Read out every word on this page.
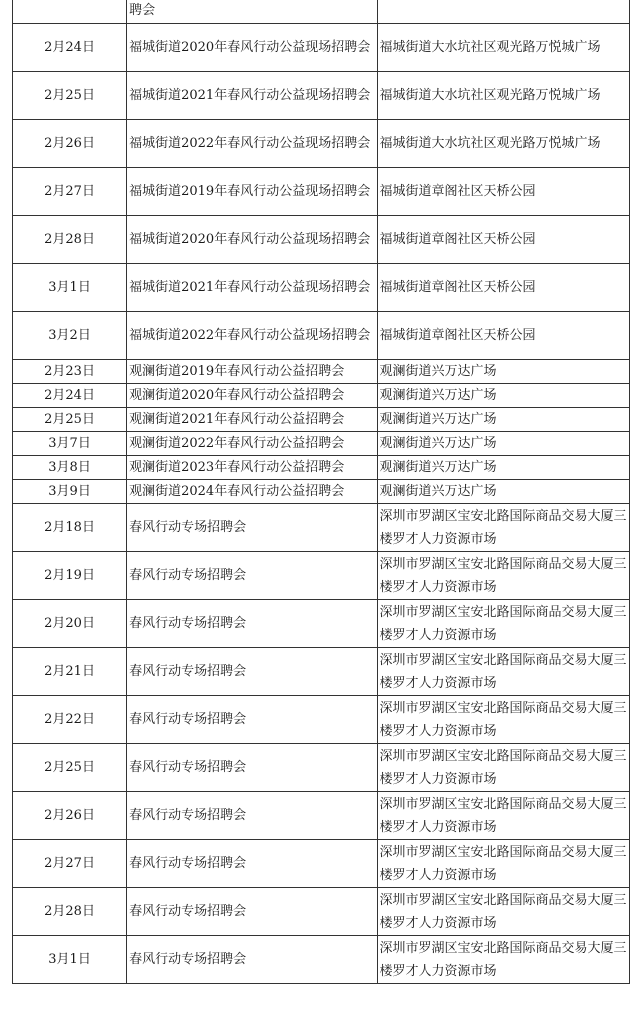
	聘会	
2月24日	福城街道2020年春风行动公益现场招聘会	福城街道大水坑社区观光路万悦城广场
2月25日	福城街道2021年春风行动公益现场招聘会	福城街道大水坑社区观光路万悦城广场
2月26日	福城街道2022年春风行动公益现场招聘会	福城街道大水坑社区观光路万悦城广场
2月27日	福城街道2019年春风行动公益现场招聘会	福城街道章阁社区天桥公园
2月28日	福城街道2020年春风行动公益现场招聘会	福城街道章阁社区天桥公园
3月1日	福城街道2021年春风行动公益现场招聘会	福城街道章阁社区天桥公园
3月2日	福城街道2022年春风行动公益现场招聘会	福城街道章阁社区天桥公园
2月23日	观澜街道2019年春风行动公益招聘会	观澜街道兴万达广场
2月24日	观澜街道2020年春风行动公益招聘会	观澜街道兴万达广场
2月25日	观澜街道2021年春风行动公益招聘会	观澜街道兴万达广场
3月7日	观澜街道2022年春风行动公益招聘会	观澜街道兴万达广场
3月8日	观澜街道2023年春风行动公益招聘会	观澜街道兴万达广场
3月9日	观澜街道2024年春风行动公益招聘会	观澜街道兴万达广场
2月18日	春风行动专场招聘会	深圳市罗湖区宝安北路国际商品交易大厦三楼罗才人力资源市场
2月19日	春风行动专场招聘会	深圳市罗湖区宝安北路国际商品交易大厦三楼罗才人力资源市场
2月20日	春风行动专场招聘会	深圳市罗湖区宝安北路国际商品交易大厦三楼罗才人力资源市场
2月21日	春风行动专场招聘会	深圳市罗湖区宝安北路国际商品交易大厦三楼罗才人力资源市场
2月22日	春风行动专场招聘会	深圳市罗湖区宝安北路国际商品交易大厦三楼罗才人力资源市场
2月25日	春风行动专场招聘会	深圳市罗湖区宝安北路国际商品交易大厦三楼罗才人力资源市场
2月26日	春风行动专场招聘会	深圳市罗湖区宝安北路国际商品交易大厦三楼罗才人力资源市场
2月27日	春风行动专场招聘会	深圳市罗湖区宝安北路国际商品交易大厦三楼罗才人力资源市场
2月28日	春风行动专场招聘会	深圳市罗湖区宝安北路国际商品交易大厦三楼罗才人力资源市场
3月1日	春风行动专场招聘会	深圳市罗湖区宝安北路国际商品交易大厦三楼罗才人力资源市场
